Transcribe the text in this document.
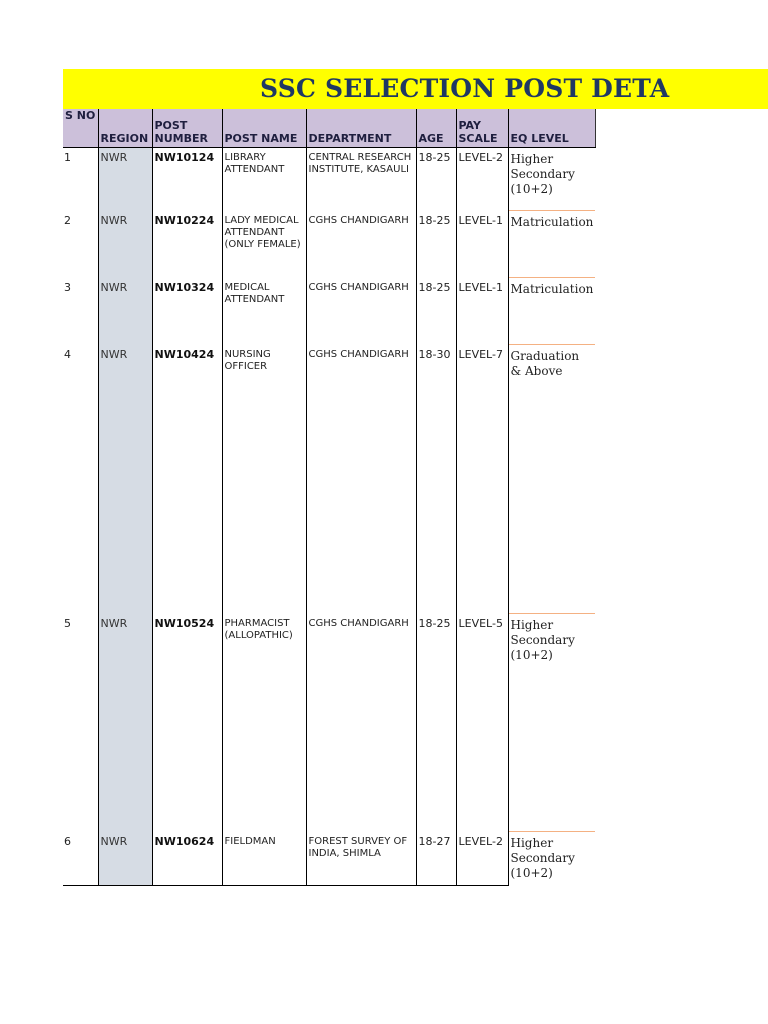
SSC SELECTION POST DETA
S NO	REGION	POST NUMBER	POST NAME	DEPARTMENT	AGE	PAY SCALE	EQ LEVEL
1	NWR	NW10124	LIBRARY ATTENDANT	CENTRAL RESEARCH INSTITUTE, KASAULI	18-25	LEVEL-2	Higher Secondary (10+2)
2	NWR	NW10224	LADY MEDICAL ATTENDANT (ONLY FEMALE)	CGHS CHANDIGARH	18-25	LEVEL-1	Matriculation
3	NWR	NW10324	MEDICAL ATTENDANT	CGHS CHANDIGARH	18-25	LEVEL-1	Matriculation
4	NWR	NW10424	NURSING OFFICER	CGHS CHANDIGARH	18-30	LEVEL-7	Graduation & Above
5	NWR	NW10524	PHARMACIST (ALLOPATHIC)	CGHS CHANDIGARH	18-25	LEVEL-5	Higher Secondary (10+2)
6	NWR	NW10624	FIELDMAN	FOREST SURVEY OF INDIA, SHIMLA	18-27	LEVEL-2	Higher Secondary (10+2)
